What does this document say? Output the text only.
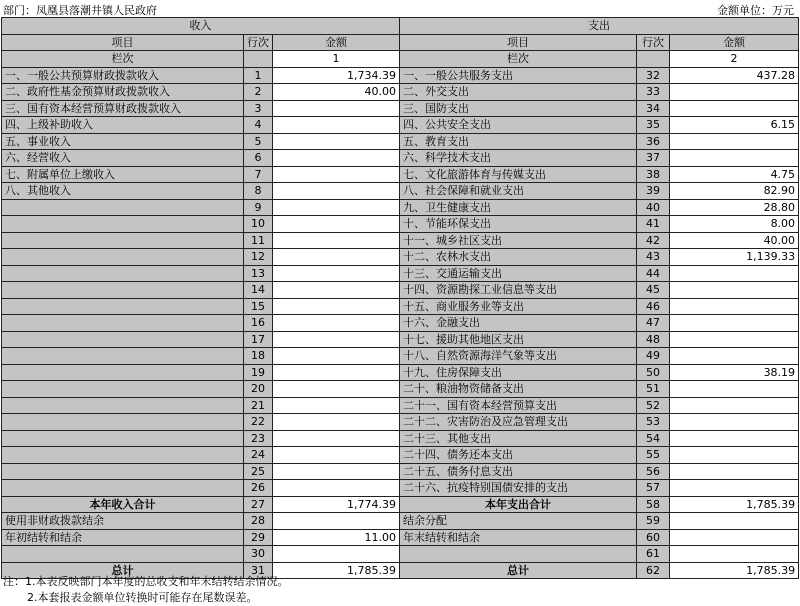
部门：凤凰县落潮井镇人民政府	金额单位：万元
收入			支出		
项目	行次	金额	项目	行次	金额
栏次		1	栏次		2
一、一般公共预算财政拨款收入	1	1,734.39	一、一般公共服务支出	32	437.28
二、政府性基金预算财政拨款收入	2	40.00	二、外交支出	33	
三、国有资本经营预算财政拨款收入	3		三、国防支出	34	
四、上级补助收入	4		四、公共安全支出	35	6.15
五、事业收入	5		五、教育支出	36	
六、经营收入	6		六、科学技术支出	37	
七、附属单位上缴收入	7		七、文化旅游体育与传媒支出	38	4.75
八、其他收入	8		八、社会保障和就业支出	39	82.90
	9		九、卫生健康支出	40	28.80
	10		十、节能环保支出	41	8.00
	11		十一、城乡社区支出	42	40.00
	12		十二、农林水支出	43	1,139.33
	13		十三、交通运输支出	44	
	14		十四、资源勘探工业信息等支出	45	
	15		十五、商业服务业等支出	46	
	16		十六、金融支出	47	
	17		十七、援助其他地区支出	48	
	18		十八、自然资源海洋气象等支出	49	
	19		十九、住房保障支出	50	38.19
	20		二十、粮油物资储备支出	51	
	21		二十一、国有资本经营预算支出	52	
	22		二十二、灾害防治及应急管理支出	53	
	23		二十三、其他支出	54	
	24		二十四、债务还本支出	55	
	25		二十五、债务付息支出	56	
	26		二十六、抗疫特别国债安排的支出	57	
本年收入合计	27	1,774.39	本年支出合计	58	1,785.39
使用非财政拨款结余	28		结余分配	59	
年初结转和结余	29	11.00	年末结转和结余	60	
	30			61	
总计	31	1,785.39	总计	62	1,785.39
注：1.本表反映部门本年度的总收支和年末结转结余情况。
2.本套报表金额单位转换时可能存在尾数误差。
